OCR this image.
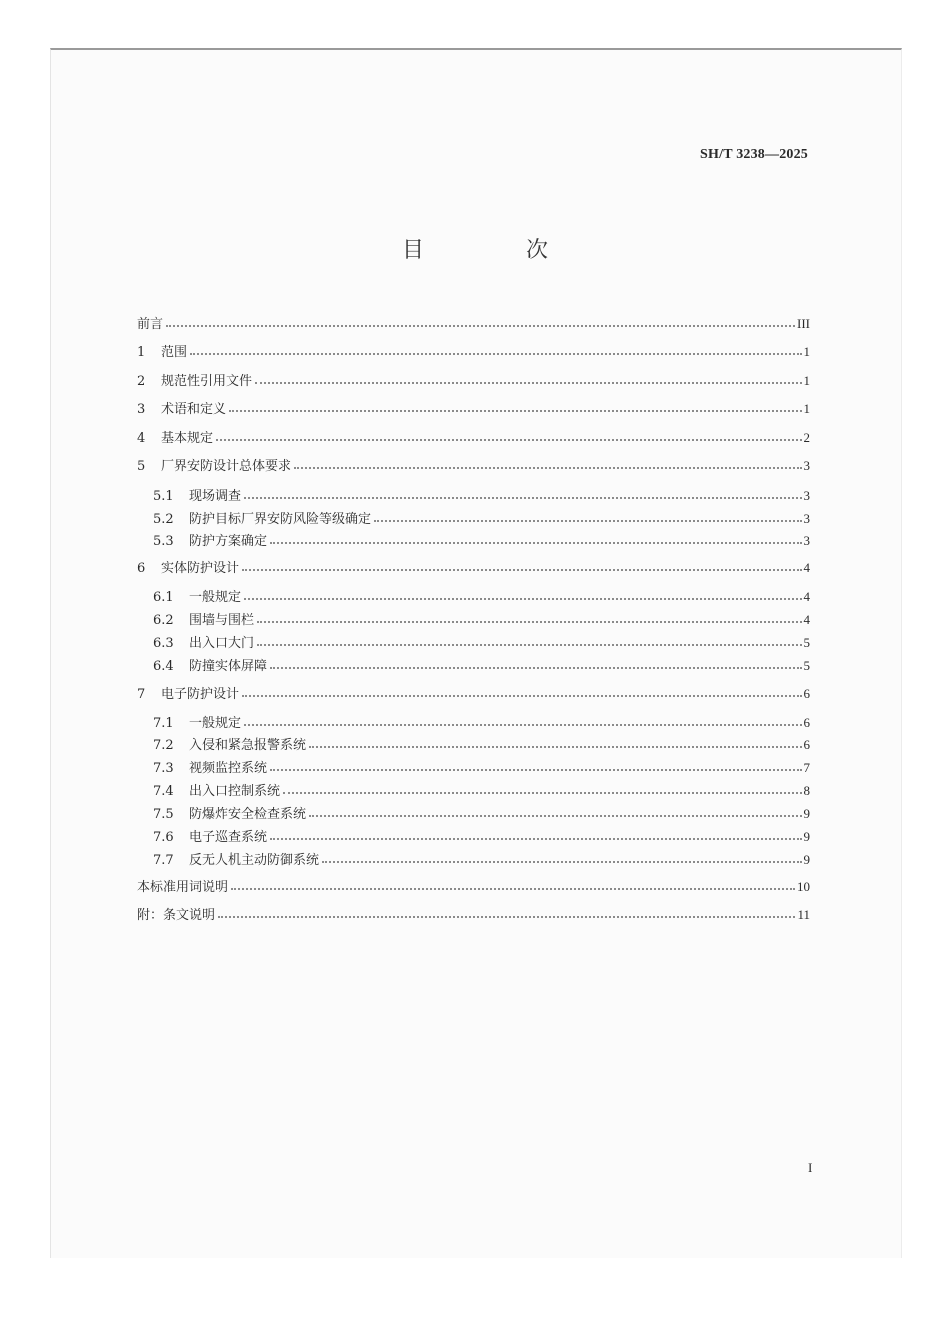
SH/T 3238—2025
目　次
前言	III
1	范围	1
2	规范性引用文件	1
3	术语和定义	1
4	基本规定	2
5	厂界安防设计总体要求	3
5.1	现场调查	3
5.2	防护目标厂界安防风险等级确定	3
5.3	防护方案确定	3
6	实体防护设计	4
6.1	一般规定	4
6.2	围墙与围栏	4
6.3	出入口大门	5
6.4	防撞实体屏障	5
7	电子防护设计	6
7.1	一般规定	6
7.2	入侵和紧急报警系统	6
7.3	视频监控系统	7
7.4	出入口控制系统	8
7.5	防爆炸安全检查系统	9
7.6	电子巡查系统	9
7.7	反无人机主动防御系统	9
本标准用词说明	10
附：条文说明	11
I
